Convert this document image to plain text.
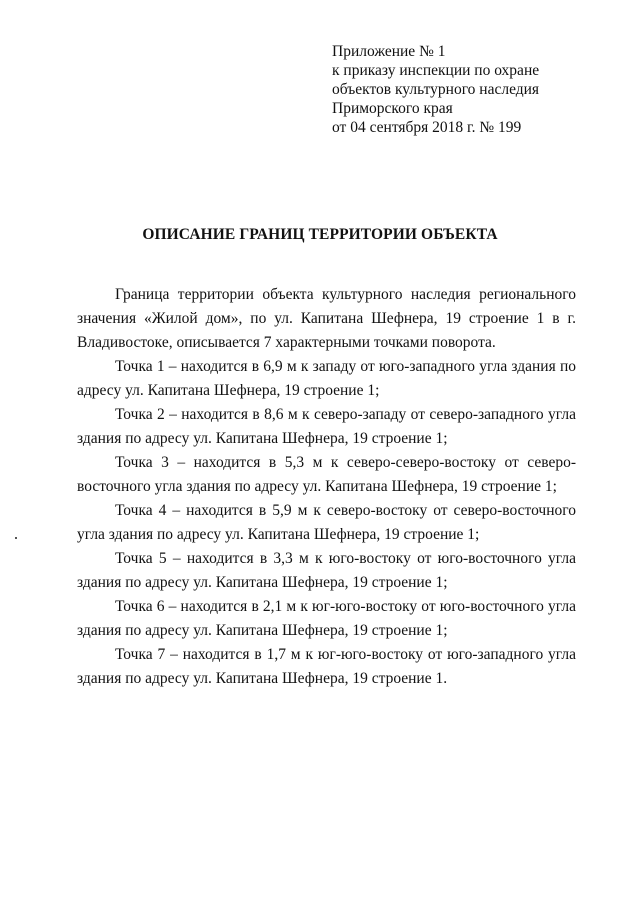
Приложение № 1
к приказу инспекции по охране
объектов культурного наследия
Приморского края
от 04 сентября 2018 г. № 199
ОПИСАНИЕ ГРАНИЦ ТЕРРИТОРИИ ОБЪЕКТА

Граница территории объекта культурного наследия регионального значения «Жилой дом», по ул. Капитана Шефнера, 19 строение 1 в г. Владивостоке, описывается 7 характерными точками поворота.

Точка 1 – находится в 6,9 м к западу от юго-западного угла здания по адресу ул. Капитана Шефнера, 19 строение 1;

Точка 2 – находится в 8,6 м к северо-западу от северо-западного угла здания по адресу ул. Капитана Шефнера, 19 строение 1;

Точка 3 – находится в 5,3 м к северо-северо-востоку от северо-восточного угла здания по адресу ул. Капитана Шефнера, 19 строение 1;

Точка 4 – находится в 5,9 м к северо-востоку от северо-восточного угла здания по адресу ул. Капитана Шефнера, 19 строение 1;

Точка 5 – находится в 3,3 м к юго-востоку от юго-восточного угла здания по адресу ул. Капитана Шефнера, 19 строение 1;

Точка 6 – находится в 2,1 м к юг-юго-востоку от юго-восточного угла здания по адресу ул. Капитана Шефнера, 19 строение 1;

Точка 7 – находится в 1,7 м к юг-юго-востоку от юго-западного угла здания по адресу ул. Капитана Шефнера, 19 строение 1.
